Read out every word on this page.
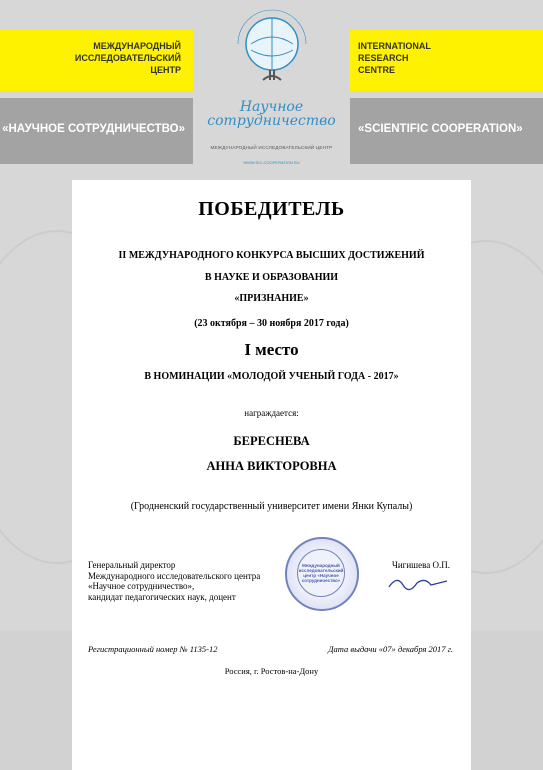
МЕЖДУНАРОДНЫЙ
ИССЛЕДОВАТЕЛЬСКИЙ
ЦЕНТР
INTERNATIONAL
RESEARCH
CENTRE
«НАУЧНОЕ СОТРУДНИЧЕСТВО»	«SCIENTIFIC COOPERATION»
Научное
сотрудничество
МЕЖДУНАРОДНЫЙ ИССЛЕДОВАТЕЛЬСКИЙ ЦЕНТР
WWW.SCI-COOPERATION.RU
ПОБЕДИТЕЛЬ
II МЕЖДУНАРОДНОГО КОНКУРСА ВЫСШИХ ДОСТИЖЕНИЙ
В НАУКЕ И ОБРАЗОВАНИИ
«ПРИЗНАНИЕ»
(23 октября – 30 ноября 2017 года)
I место
В НОМИНАЦИИ «МОЛОДОЙ УЧЕНЫЙ ГОДА - 2017»
награждается:
БЕРЕСНЕВА
АННА ВИКТОРОВНА
(Гродненский государственный университет имени Янки Купалы)
Генеральный директор
Международного исследовательского центра
«Научное сотрудничество»,
кандидат педагогических наук, доцент
Международный исследовательский центр «Научное сотрудничество»
Чигишева О.П.
Регистрационный номер № 1135-12	Дата выдачи «07» декабря 2017 г.
Россия, г. Ростов-на-Дону
